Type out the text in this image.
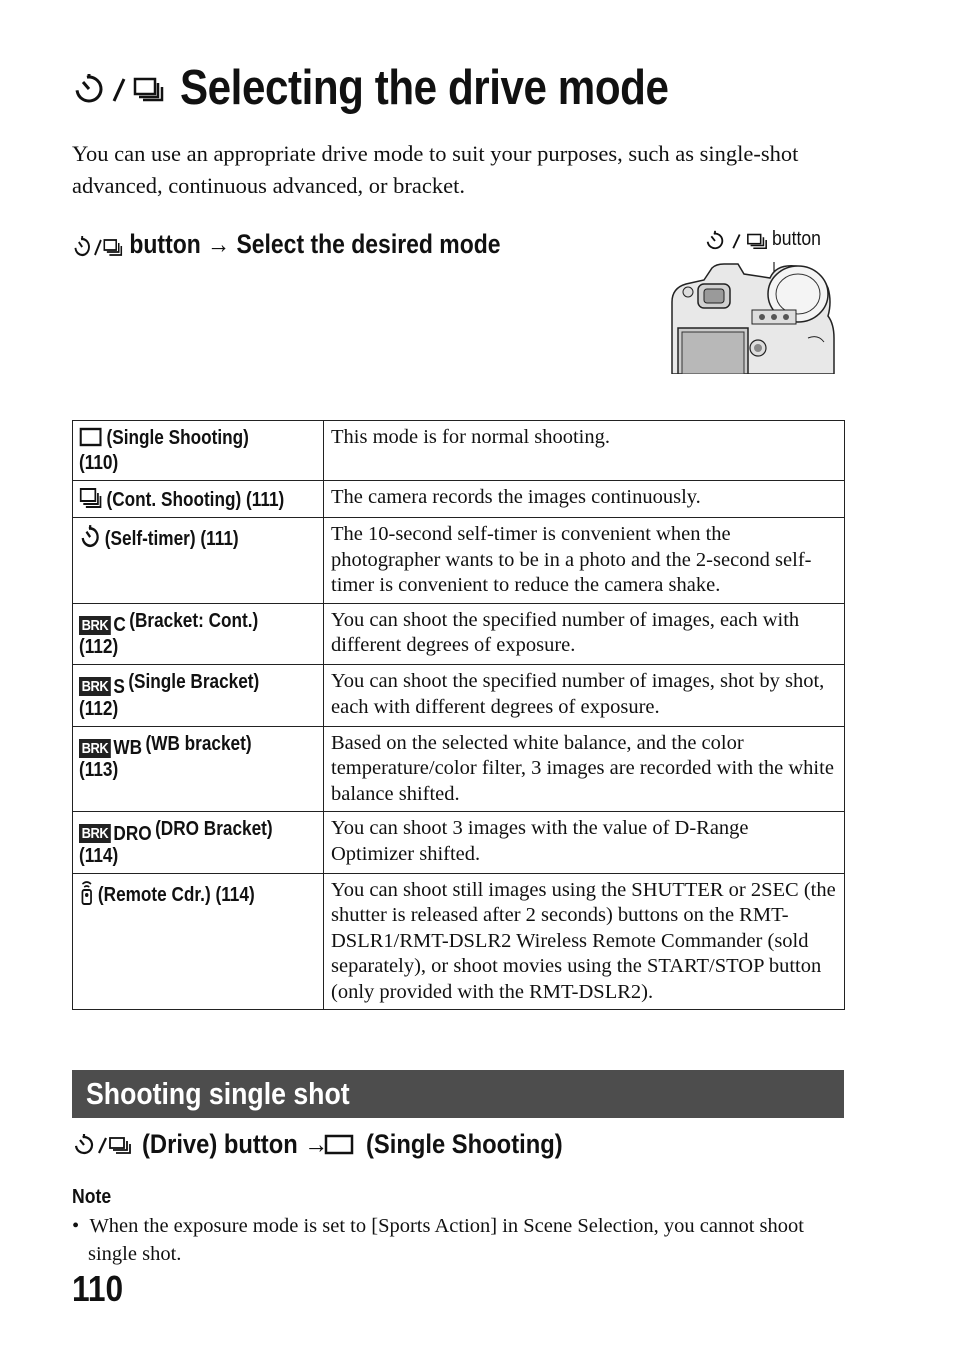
Selecting the drive mode

You can use an appropriate drive mode to suit your purposes, such as single-shot advanced, continuous advanced, or bracket.

button → Select the desired mode	button
(Single Shooting) (110)	This mode is for normal shooting.

(Cont. Shooting) (111)	The camera records the images continuously.

(Self-timer) (111)	The 10-second self-timer is convenient when the photographer wants to be in a photo and the 2-second self-timer is convenient to reduce the camera shake.

BRK C (Bracket: Cont.) (112)	You can shoot the specified number of images, each with different degrees of exposure.

BRK S (Single Bracket) (112)	You can shoot the specified number of images, shot by shot, each with different degrees of exposure.

BRK WB (WB bracket) (113)	Based on the selected white balance, and the color temperature/color filter, 3 images are recorded with the white balance shifted.

BRK DRO (DRO Bracket) (114)	You can shoot 3 images with the value of D-Range Optimizer shifted.

(Remote Cdr.) (114)	You can shoot still images using the SHUTTER or 2SEC (the shutter is released after 2 seconds) buttons on the RMT-DSLR1/RMT-DSLR2 Wireless Remote Commander (sold separately), or shoot movies using the START/STOP button (only provided with the RMT-DSLR2).
Shooting single shot
(Drive) button → (Single Shooting)
Note
•  When the exposure mode is set to [Sports Action] in Scene Selection, you cannot shoot single shot.
110
